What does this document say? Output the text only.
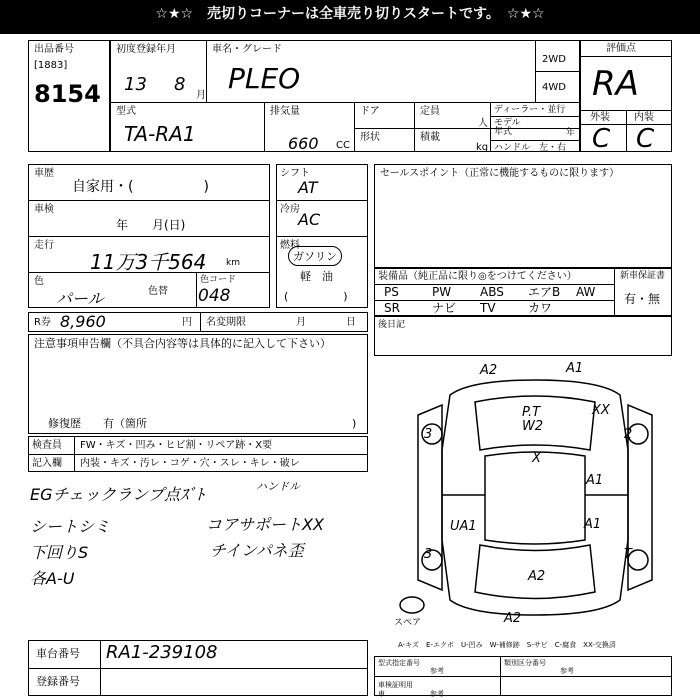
☆★☆　売切りコーナーは全車売り切りスタートです。　☆★☆
出品番号
[1883]
8154
初度登録年月
13 8
月
車名・グレード
PLEO
2WD
4WD
型式
TA-RA1
排気量
660 CC
ドア	定員
人
形状	積載
kg
ディーラー・並行
モデル
年式	年
ハンドル　左・右
評価点
RA
外装 内装
C C
車歴
自家用・(　　　　　)
車検
年　　月(日)
走行
11万3千564 km
色
パール	色替
色コード
048
シフト
AT
冷房
AC
燃料
ガソリン
軽　油
(　　　　　)
R券 8,960	円 名変期限	月	日
セールスポイント（正常に機能するものに限ります）
装備品（純正品に限り◎をつけてください）
PS	PW ABS エアB AW
SR	ナビ TV	カワ
新車保証書
有・無
後日記
注意事項申告欄（不具合内容等は具体的に記入して下さい）
修復歴　　有（箇所	)
検査員
記入欄
FW・キズ・凹み・ヒビ割・リペア跡・X要
内装・キズ・汚レ・コゲ・穴・スレ・キレ・破レ
ハンドル
EGチェックランプ点ｽﾞﾄ
シートシミ
下回りS
各A-U
コアサポートXX
チインパネ歪
A2	A1
P.T
W2
XX
3	2
X
A1
UA1	A1
3	T
A2
A2
スペア
A-キズ　E-エクボ　U-凹み　W-補修跡　S-サビ　C-腐食　XX-交換済
車台番号 RA1-239108
登録番号
型式指定番号
参考
類別区分番号
参考
車検証明用
車	参考
